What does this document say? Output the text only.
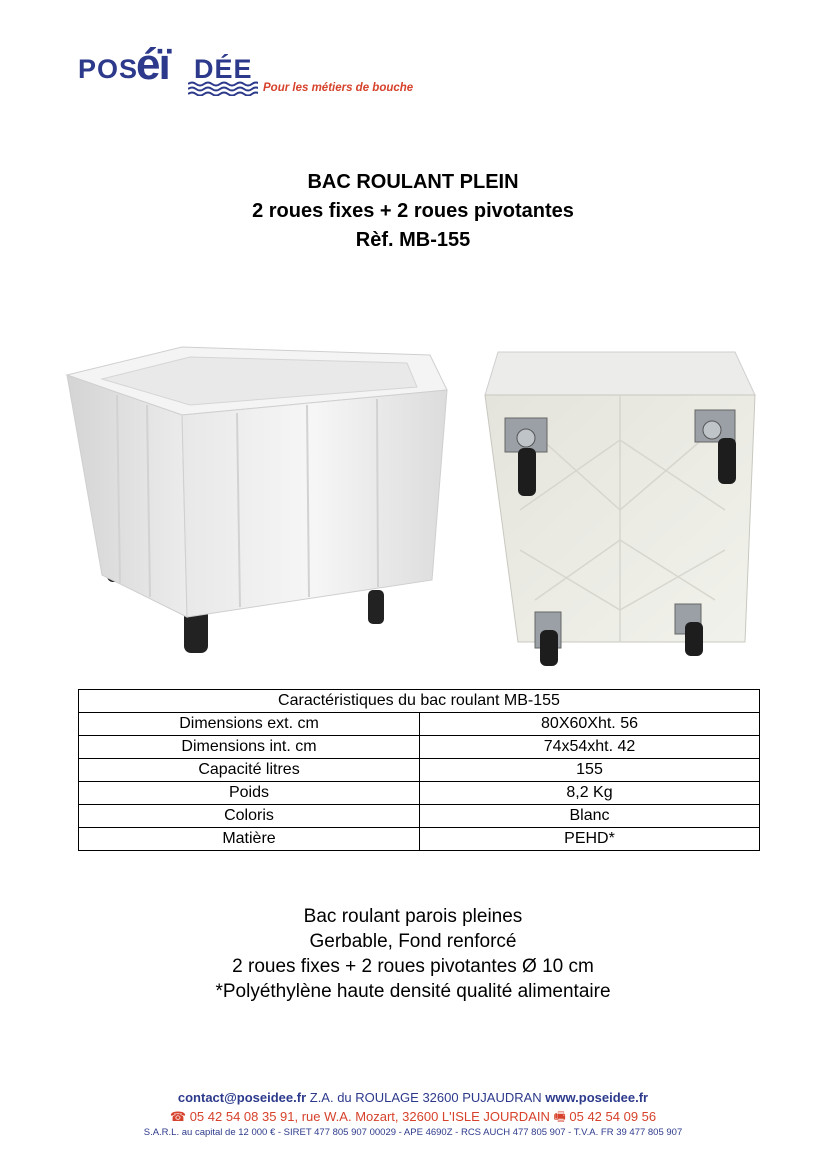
POS
éï DÉE
Pour les métiers de bouche
BAC ROULANT PLEIN
2 roues fixes + 2 roues pivotantes
Rèf. MB-155
Caractéristiques du bac roulant MB-155	
Dimensions ext. cm	80X60Xht. 56
Dimensions int. cm	74x54xht. 42
Capacité litres	155
Poids	8,2 Kg
Coloris	Blanc
Matière	PEHD*
Bac roulant parois pleines
Gerbable, Fond renforcé
2 roues fixes + 2 roues pivotantes Ø 10 cm
*Polyéthylène haute densité qualité alimentaire
contact@poseidee.fr Z.A. du ROULAGE 32600 PUJAUDRAN www.poseidee.fr
☎ 05 42 54 08 35 91, rue W.A. Mozart, 32600 L'ISLE JOURDAIN 🖷 05 42 54 09 56
S.A.R.L. au capital de 12 000 € - SIRET 477 805 907 00029 - APE 4690Z - RCS AUCH 477 805 907 - T.V.A. FR 39 477 805 907
